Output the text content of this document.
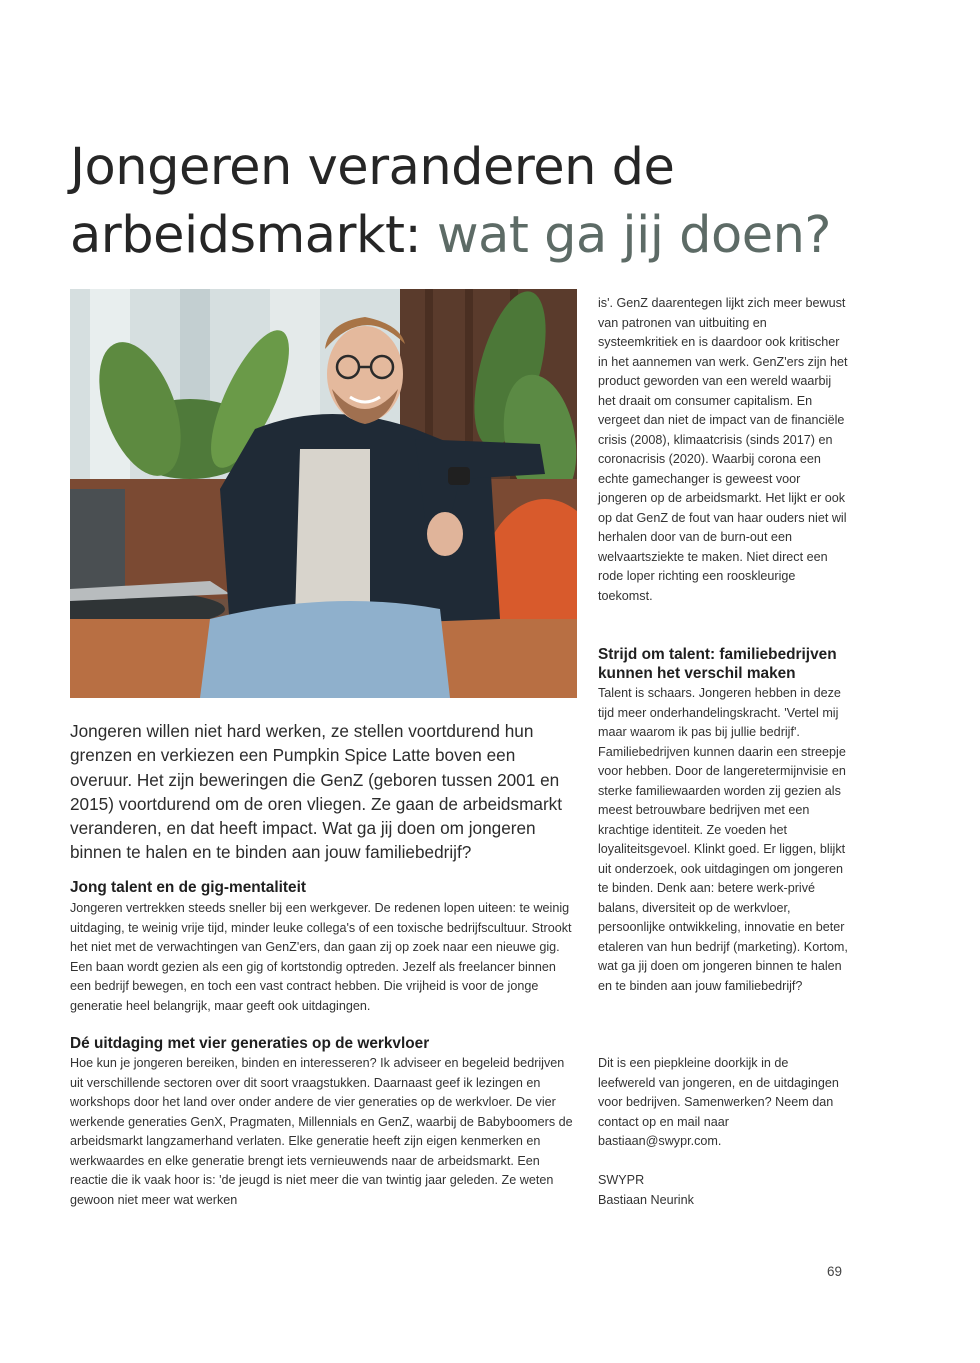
Jongeren veranderen de arbeidsmarkt: wat ga jij doen?

Jongeren willen niet hard werken, ze stellen voortdurend hun grenzen en verkiezen een Pumpkin Spice Latte boven een overuur. Het zijn beweringen die GenZ (geboren tussen 2001 en 2015) voortdurend om de oren vliegen. Ze gaan de arbeidsmarkt veranderen, en dat heeft impact. Wat ga jij doen om jongeren binnen te halen en te binden aan jouw familiebedrijf?

Jong talent en de gig-mentaliteit

Jongeren vertrekken steeds sneller bij een werkgever. De redenen lopen uiteen: te weinig uitdaging, te weinig vrije tijd, minder leuke collega's of een toxische bedrijfscultuur. Strookt het niet met de verwachtingen van GenZ'ers, dan gaan zij op zoek naar een nieuwe gig. Een baan wordt gezien als een gig of kortstondig optreden. Jezelf als freelancer binnen een bedrijf bewegen, en toch een vast contract hebben. Die vrijheid is voor de jonge generatie heel belangrijk, maar geeft ook uitdagingen.

Dé uitdaging met vier generaties op de werkvloer

Hoe kun je jongeren bereiken, binden en interesseren? Ik adviseer en begeleid bedrijven uit verschillende sectoren over dit soort vraagstukken. Daarnaast geef ik lezingen en workshops door het land over onder andere de vier generaties op de werkvloer. De vier werkende generaties GenX, Pragmaten, Millennials en GenZ, waarbij de Babyboomers de arbeidsmarkt langzamerhand verlaten. Elke generatie heeft zijn eigen kenmerken en werkwaardes en elke generatie brengt iets vernieuwends naar de arbeidsmarkt. Een reactie die ik vaak hoor is: 'de jeugd is niet meer die van twintig jaar geleden. Ze weten gewoon niet meer wat werken

is'. GenZ daarentegen lijkt zich meer bewust van patronen van uitbuiting en systeemkritiek en is daardoor ook kritischer in het aannemen van werk. GenZ'ers zijn het product geworden van een wereld waarbij het draait om consumer capitalism. En vergeet dan niet de impact van de financiële crisis (2008), klimaatcrisis (sinds 2017) en coronacrisis (2020). Waarbij corona een echte gamechanger is geweest voor jongeren op de arbeidsmarkt. Het lijkt er ook op dat GenZ de fout van haar ouders niet wil herhalen door van de burn-out een welvaartsziekte te maken. Niet direct een rode loper richting een rooskleurige toekomst.

Strijd om talent: familiebedrijven kunnen het verschil maken

Talent is schaars. Jongeren hebben in deze tijd meer onderhandelingskracht. 'Vertel mij maar waarom ik pas bij jullie bedrijf'. Familiebedrijven kunnen daarin een streepje voor hebben. Door de langeretermijnvisie en sterke familiewaarden worden zij gezien als meest betrouwbare bedrijven met een krachtige identiteit. Ze voeden het loyaliteitsgevoel. Klinkt goed. Er liggen, blijkt uit onderzoek, ook uitdagingen om jongeren te binden. Denk aan: betere werk-privé balans, diversiteit op de werkvloer, persoonlijke ontwikkeling, innovatie en beter etaleren van hun bedrijf (marketing). Kortom, wat ga jij doen om jongeren binnen te halen en te binden aan jouw familiebedrijf?

Dit is een piepkleine doorkijk in de leefwereld van jongeren, en de uitdagingen voor bedrijven. Samenwerken? Neem dan contact op en mail naar bastiaan@swypr.com.

SWYPR

Bastiaan Neurink

69
